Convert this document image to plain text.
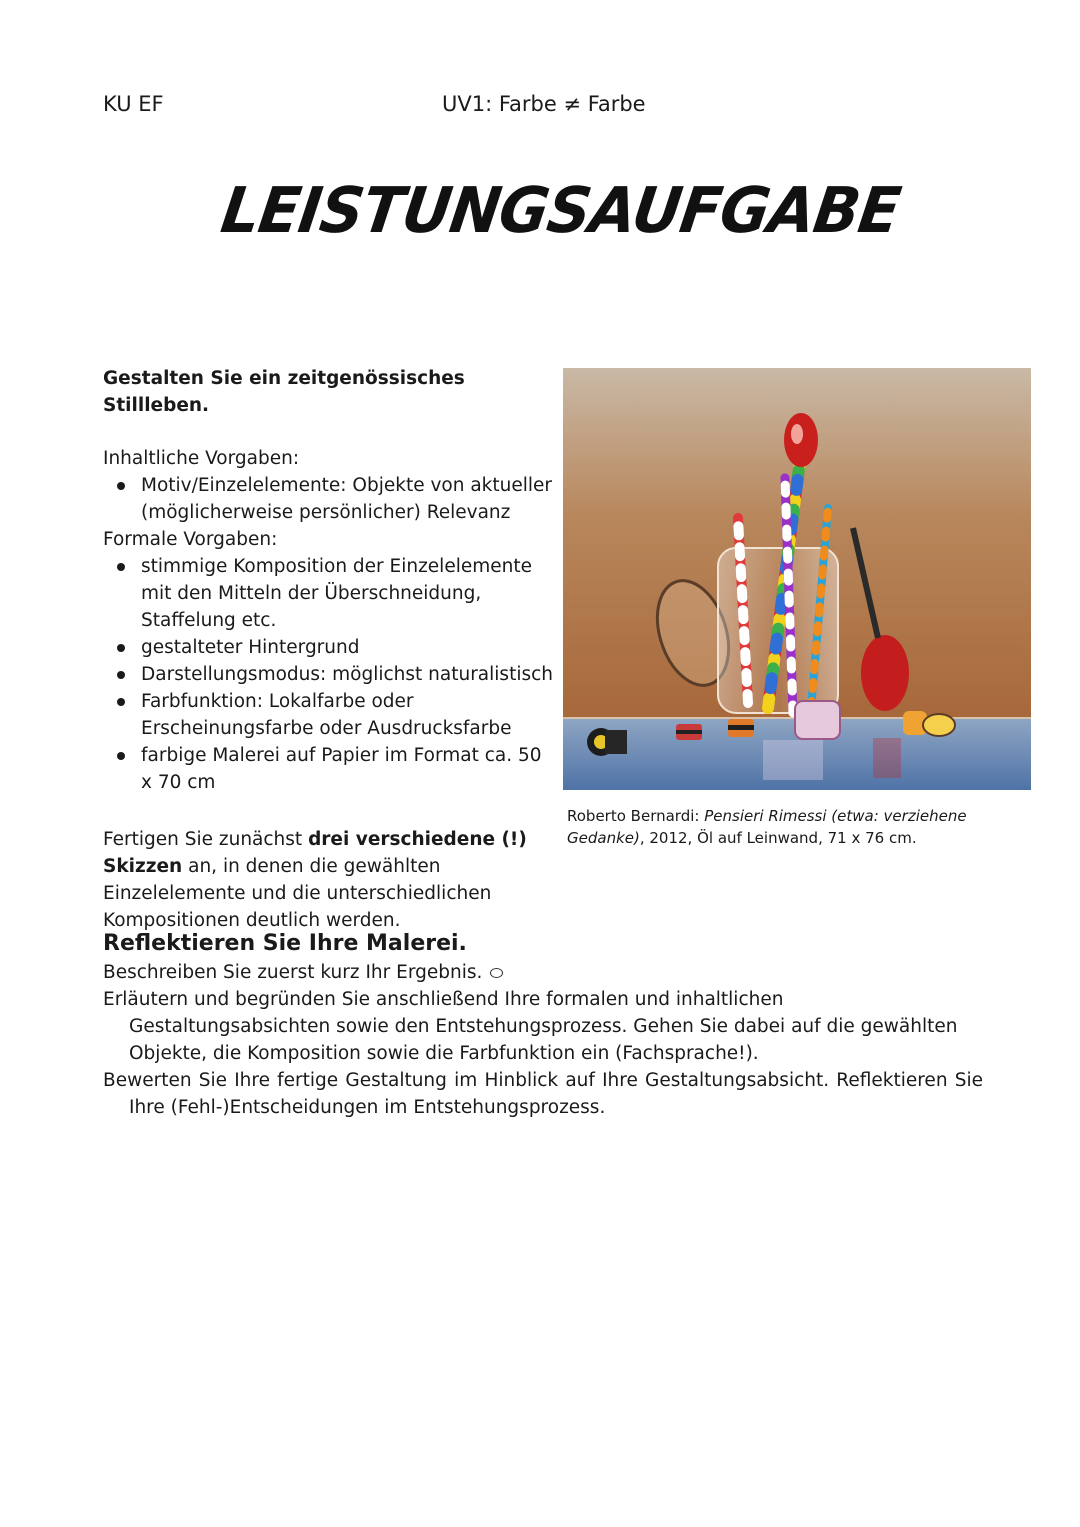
KU EF	UV1: Farbe ≠ Farbe
LEISTUNGSAUFGABE

Gestalten Sie ein zeitgenössisches Stillleben.

Inhaltliche Vorgaben:

Motiv/Einzelelemente: Objekte von aktueller (möglicherweise persönlicher) Relevanz

Formale Vorgaben:

stimmige Komposition der Einzelelemente mit den Mitteln der Überschneidung, Staffelung etc.
gestalteter Hintergrund
Darstellungsmodus: möglichst naturalistisch
Farbfunktion: Lokalfarbe oder Erscheinungsfarbe oder Ausdrucksfarbe
farbige Malerei auf Papier im Format ca. 50 x 70 cm

Fertigen Sie zunächst drei verschiedene (!) Skizzen an, in denen die gewählten Einzelelemente und die unterschiedlichen Kompositionen deutlich werden.

Roberto Bernardi: Pensieri Rimessi (etwa: verziehene Gedanke), 2012, Öl auf Leinwand, 71 x 76 cm.

Reflektieren Sie Ihre Malerei.

Beschreiben Sie zuerst kurz Ihr Ergebnis.

Erläutern und begründen Sie anschließend Ihre formalen und inhaltlichen Gestaltungsabsichten sowie den Entstehungsprozess. Gehen Sie dabei auf die gewählten Objekte, die Komposition sowie die Farbfunktion ein (Fachsprache!).

Bewerten Sie Ihre fertige Gestaltung im Hinblick auf Ihre Gestaltungsabsicht. Reflektieren Sie Ihre (Fehl-)Entscheidungen im Entstehungsprozess.
